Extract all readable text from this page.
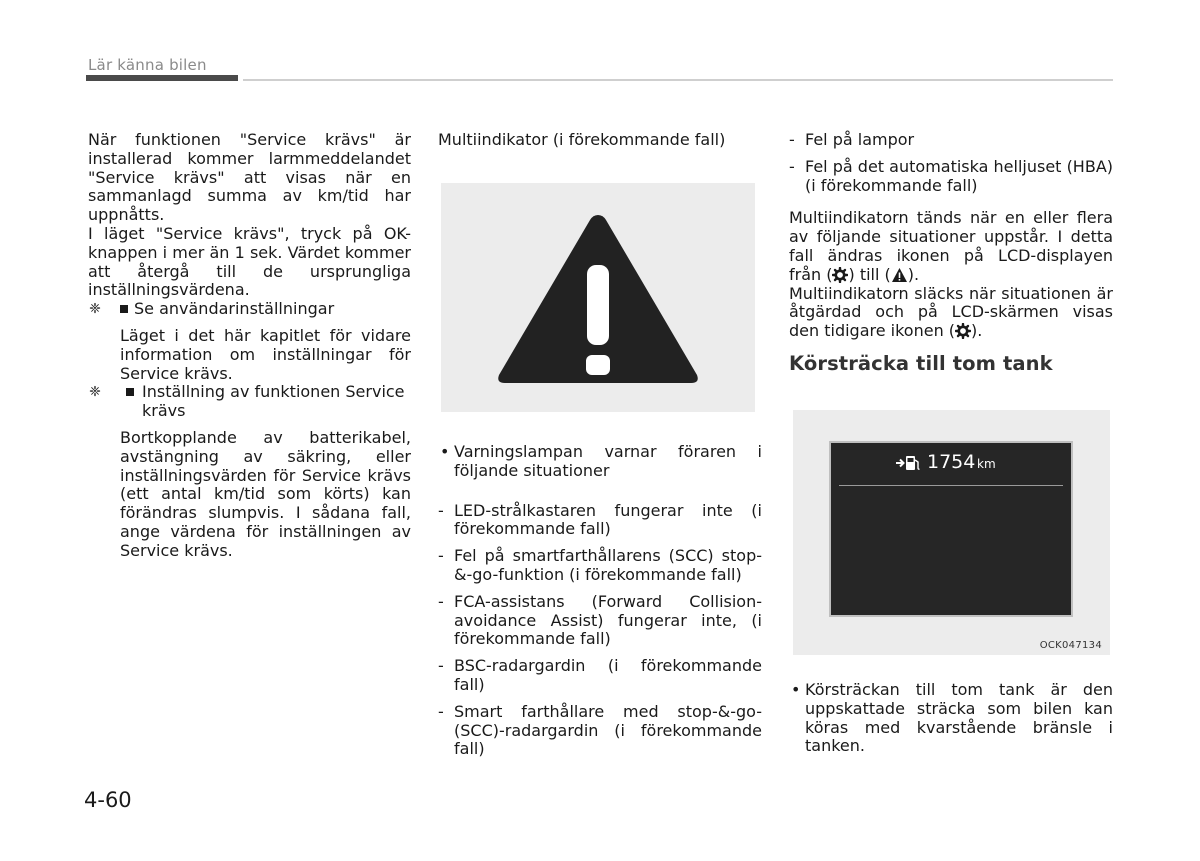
Lär känna bilen

När funktionen "Service krävs" är installerad kommer larmmeddelandet "Service krävs" att visas när en sammanlagd summa av km/tid har uppnåtts.

I läget "Service krävs", tryck på OK-knappen i mer än 1 sek. Värdet kommer att återgå till de ursprungliga inställningsvärdena.

❈ Se användarinställningar

Läget i det här kapitlet för vidare information om inställningar för Service krävs.

❈	Inställning av funktionen Service krävs

Bortkopplande av batterikabel, avstängning av säkring, eller inställningsvärden för Service krävs (ett antal km/tid som körts) kan förändras slumpvis. I sådana fall, ange värdena för inställningen av Service krävs.

Multiindikator (i förekommande fall)

• Varningslampan varnar föraren i följande situationer
- LED-strålkastaren fungerar inte (i förekommande fall)
- Fel på smartfarthållarens (SCC) stop-&-go-funktion (i förekommande fall)
- FCA-assistans (Forward Collision-avoidance Assist) fungerar inte, (i förekommande fall)
- BSC-radargardin (i förekommande fall)
- Smart farthållare med stop-&-go-(SCC)-radargardin (i förekommande fall)
- Fel på lampor
- Fel på det automatiska helljuset (HBA) (i förekommande fall)

Multiindikatorn tänds när en eller flera av följande situationer uppstår. I detta fall ändras ikonen på LCD-displayen från ( ) till ( ).

Multiindikatorn släcks när situationen är åtgärdad och på LCD-skärmen visas den tidigare ikonen ( ).

Körsträcka till tom tank
1754 km
OCK047134
• Körsträckan till tom tank är den uppskattade sträcka som bilen kan köras med kvarstående bränsle i tanken.
4-60
